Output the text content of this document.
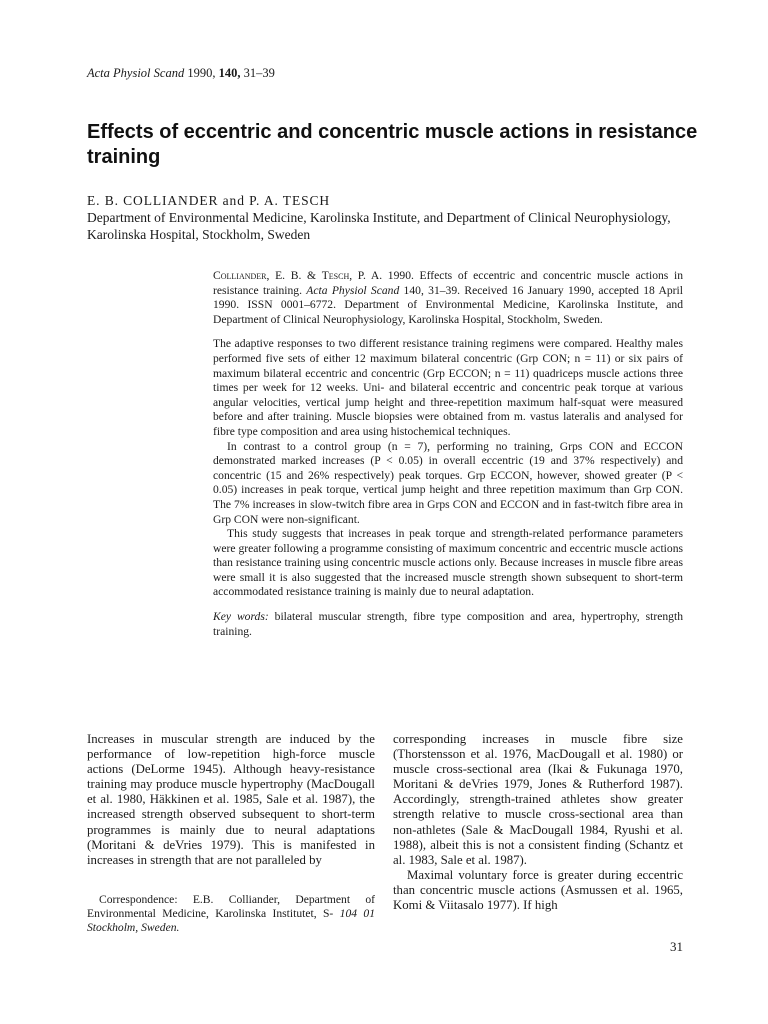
Acta Physiol Scand 1990, 140, 31–39
Effects of eccentric and concentric muscle actions in resistance training
E. B. COLLIANDER and P. A. TESCH
Department of Environmental Medicine, Karolinska Institute, and Department of Clinical Neurophysiology, Karolinska Hospital, Stockholm, Sweden

Colliander, E. B. & Tesch, P. A. 1990. Effects of eccentric and concentric muscle actions in resistance training. Acta Physiol Scand 140, 31–39. Received 16 January 1990, accepted 18 April 1990. ISSN 0001–6772. Department of Environmental Medicine, Karolinska Institute, and Department of Clinical Neurophysiology, Karolinska Hospital, Stockholm, Sweden.

The adaptive responses to two different resistance training regimens were compared. Healthy males performed five sets of either 12 maximum bilateral concentric (Grp CON; n = 11) or six pairs of maximum bilateral eccentric and concentric (Grp ECCON; n = 11) quadriceps muscle actions three times per week for 12 weeks. Uni- and bilateral eccentric and concentric peak torque at various angular velocities, vertical jump height and three-repetition maximum half-squat were measured before and after training. Muscle biopsies were obtained from m. vastus lateralis and analysed for fibre type composition and area using histochemical techniques.

In contrast to a control group (n = 7), performing no training, Grps CON and ECCON demonstrated marked increases (P < 0.05) in overall eccentric (19 and 37% respectively) and concentric (15 and 26% respectively) peak torques. Grp ECCON, however, showed greater (P < 0.05) increases in peak torque, vertical jump height and three repetition maximum than Grp CON. The 7% increases in slow-twitch fibre area in Grps CON and ECCON and in fast-twitch fibre area in Grp CON were non-significant.

This study suggests that increases in peak torque and strength-related performance parameters were greater following a programme consisting of maximum concentric and eccentric muscle actions than resistance training using concentric muscle actions only. Because increases in muscle fibre areas were small it is also suggested that the increased muscle strength shown subsequent to short-term accommodated resistance training is mainly due to neural adaptation.

Key words: bilateral muscular strength, fibre type composition and area, hypertrophy, strength training.

Increases in muscular strength are induced by the performance of low-repetition high-force muscle actions (DeLorme 1945). Although heavy-resistance training may produce muscle hypertrophy (MacDougall et al. 1980, Häkkinen et al. 1985, Sale et al. 1987), the increased strength observed subsequent to short-term programmes is mainly due to neural adaptations (Moritani & deVries 1979). This is manifested in increases in strength that are not paralleled by

Correspondence: E.B. Colliander, Department of Environmental Medicine, Karolinska Institutet, S- 104 01 Stockholm, Sweden.

corresponding increases in muscle fibre size (Thorstensson et al. 1976, MacDougall et al. 1980) or muscle cross-sectional area (Ikai & Fukunaga 1970, Moritani & deVries 1979, Jones & Rutherford 1987). Accordingly, strength-trained athletes show greater strength relative to muscle cross-sectional area than non-athletes (Sale & MacDougall 1984, Ryushi et al. 1988), albeit this is not a consistent finding (Schantz et al. 1983, Sale et al. 1987).

Maximal voluntary force is greater during eccentric than concentric muscle actions (Asmussen et al. 1965, Komi & Viitasalo 1977). If high

31
